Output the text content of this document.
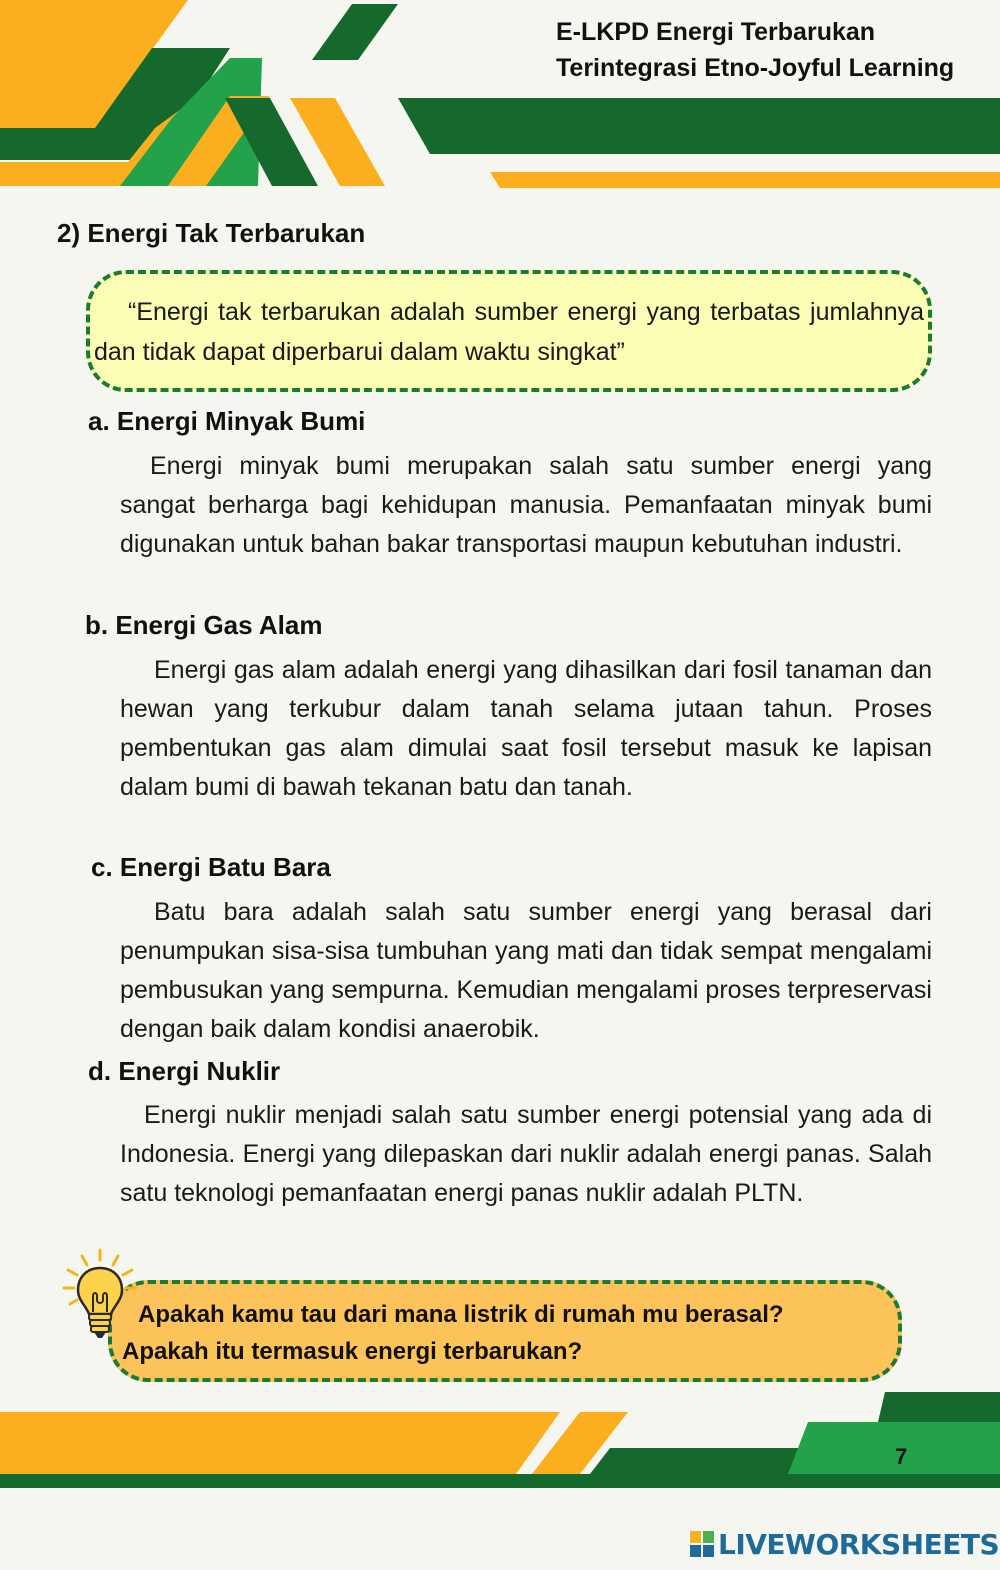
E-LKPD Energi Terbarukan
Terintegrasi Etno-Joyful Learning
2) Energi Tak Terbarukan
“Energi tak terbarukan adalah sumber energi yang terbatas jumlahnya dan tidak dapat diperbarui dalam waktu singkat”
a. Energi Minyak Bumi
Energi minyak bumi merupakan salah satu sumber energi yang sangat berharga bagi kehidupan manusia. Pemanfaatan minyak bumi digunakan untuk bahan bakar transportasi maupun kebutuhan industri.
b. Energi Gas Alam
Energi gas alam adalah energi yang dihasilkan dari fosil tanaman dan hewan yang terkubur dalam tanah selama jutaan tahun. Proses pembentukan gas alam dimulai saat fosil tersebut masuk ke lapisan dalam bumi di bawah tekanan batu dan tanah.
c. Energi Batu Bara
Batu bara adalah salah satu sumber energi yang berasal dari penumpukan sisa-sisa tumbuhan yang mati dan tidak sempat mengalami pembusukan yang sempurna. Kemudian mengalami proses terpreservasi dengan baik dalam kondisi anaerobik.
d. Energi Nuklir
Energi nuklir menjadi salah satu sumber energi potensial yang ada di Indonesia. Energi yang dilepaskan dari nuklir adalah energi panas. Salah satu teknologi pemanfaatan energi panas nuklir adalah PLTN.
Apakah kamu tau dari mana listrik di rumah mu berasal?
Apakah itu termasuk energi terbarukan?
7
LIVEWORKSHEETS
